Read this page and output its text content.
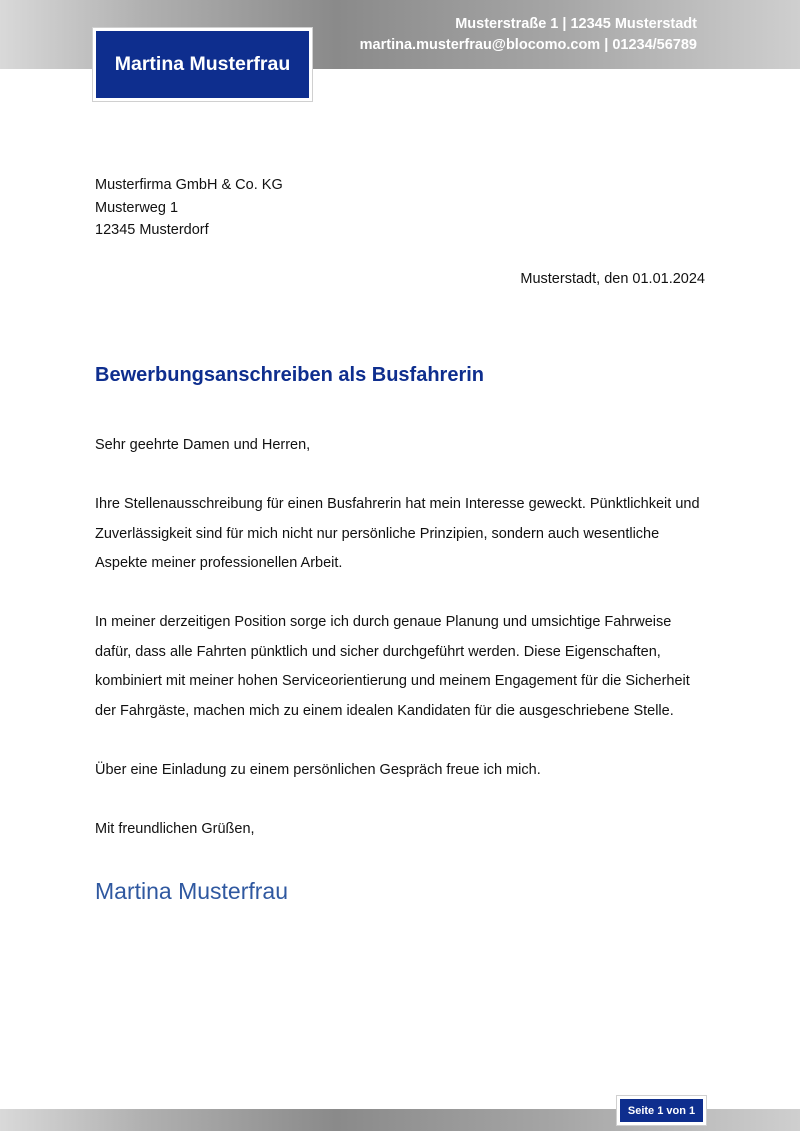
Musterstraße 1 | 12345 Musterstadt
martina.musterfrau@blocomo.com | 01234/56789
Martina Musterfrau
Musterfirma GmbH & Co. KG
Musterweg 1
12345 Musterdorf
Musterstadt, den 01.01.2024
Bewerbungsanschreiben als Busfahrerin

Sehr geehrte Damen und Herren,

Ihre Stellenausschreibung für einen Busfahrerin hat mein Interesse geweckt. Pünktlichkeit und Zuverlässigkeit sind für mich nicht nur persönliche Prinzipien, sondern auch wesentliche Aspekte meiner professionellen Arbeit.

In meiner derzeitigen Position sorge ich durch genaue Planung und umsichtige Fahrweise dafür, dass alle Fahrten pünktlich und sicher durchgeführt werden. Diese Eigenschaften, kombiniert mit meiner hohen Serviceorientierung und meinem Engagement für die Sicherheit der Fahrgäste, machen mich zu einem idealen Kandidaten für die ausgeschriebene Stelle.

Über eine Einladung zu einem persönlichen Gespräch freue ich mich.

Mit freundlichen Grüßen,

Martina Musterfrau
Seite 1 von 1
